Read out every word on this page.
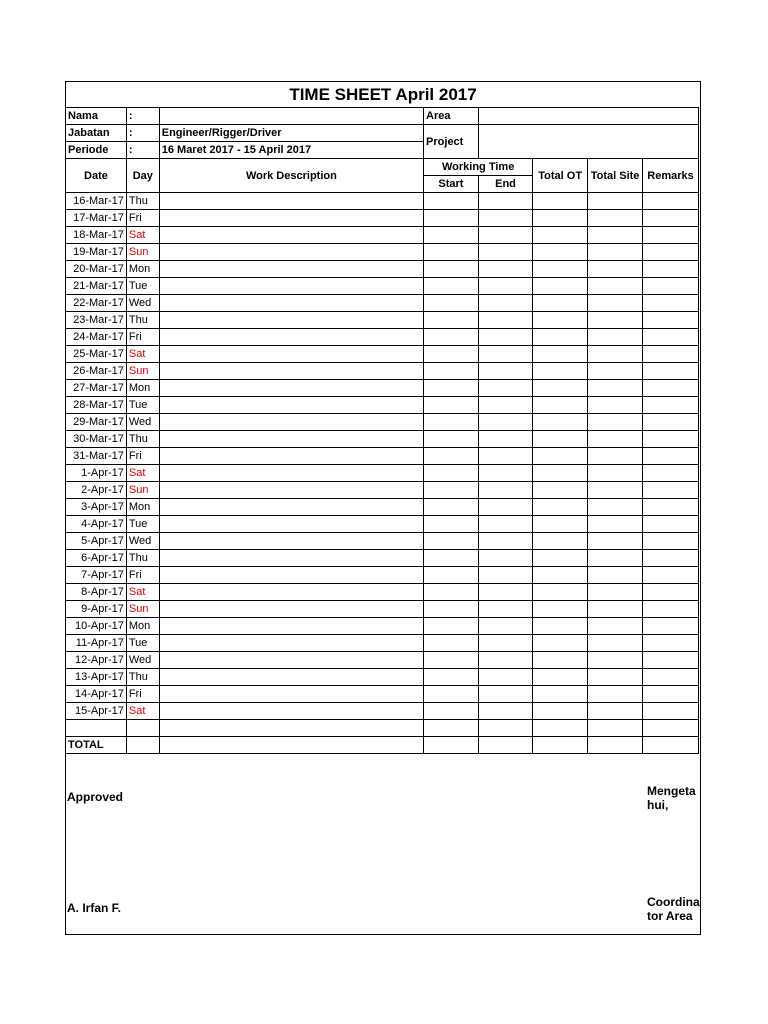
TIME SHEET April 2017
Nama	:		Area				
Jabatan	:	Engineer/Rigger/Driver	Project				
Periode	:	16 Maret 2017 - 15 April 2017					
Date	Day	Work Description	Working Time		Total OT	Total Site	Remarks
			Start	End			
16-Mar-17	Thu						
17-Mar-17	Fri						
18-Mar-17	Sat						
19-Mar-17	Sun						
20-Mar-17	Mon						
21-Mar-17	Tue						
22-Mar-17	Wed						
23-Mar-17	Thu						
24-Mar-17	Fri						
25-Mar-17	Sat						
26-Mar-17	Sun						
27-Mar-17	Mon						
28-Mar-17	Tue						
29-Mar-17	Wed						
30-Mar-17	Thu						
31-Mar-17	Fri						
1-Apr-17	Sat						
2-Apr-17	Sun						
3-Apr-17	Mon						
4-Apr-17	Tue						
5-Apr-17	Wed						
6-Apr-17	Thu						
7-Apr-17	Fri						
8-Apr-17	Sat						
9-Apr-17	Sun						
10-Apr-17	Mon						
11-Apr-17	Tue						
12-Apr-17	Wed						
13-Apr-17	Thu						
14-Apr-17	Fri						
15-Apr-17	Sat						

TOTAL							
Approved
A. Irfan F.
Mengeta hui,
Coordina tor Area
